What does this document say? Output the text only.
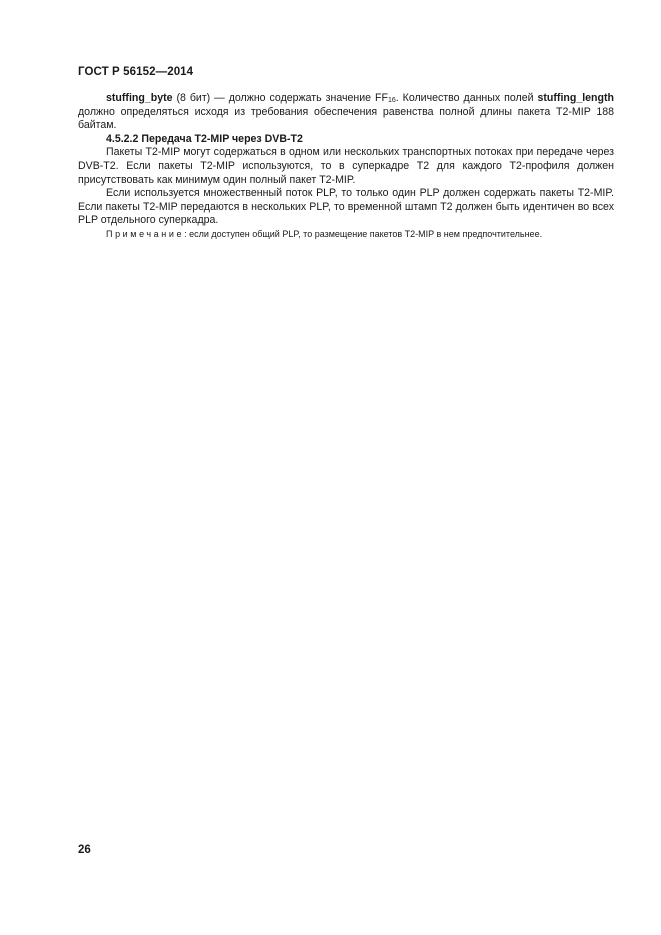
ГОСТ Р 56152—2014

stuffing_byte (8 бит) — должно содержать значение $FF_{16}$. Количество данных полей stuffing_length должно определяться исходя из требования обеспечения равенства полной длины пакета Т2-MIP 188 байтам.

4.5.2.2 Передача Т2-MIP через DVB-T2

Пакеты Т2-MIP могут содержаться в одном или нескольких транспортных потоках при передаче через DVB-T2. Если пакеты Т2-MIP используются, то в суперкадре Т2 для каждого Т2-профиля должен присутствовать как минимум один полный пакет Т2-MIP.

Если используется множественный поток PLP, то только один PLP должен содержать пакеты Т2-MIP. Если пакеты Т2-MIP передаются в нескольких PLP, то временной штамп Т2 должен быть идентичен во всех PLP отдельного суперкадра.

Примечание: если доступен общий PLP, то размещение пакетов Т2-MIP в нем предпочтительнее.

26
